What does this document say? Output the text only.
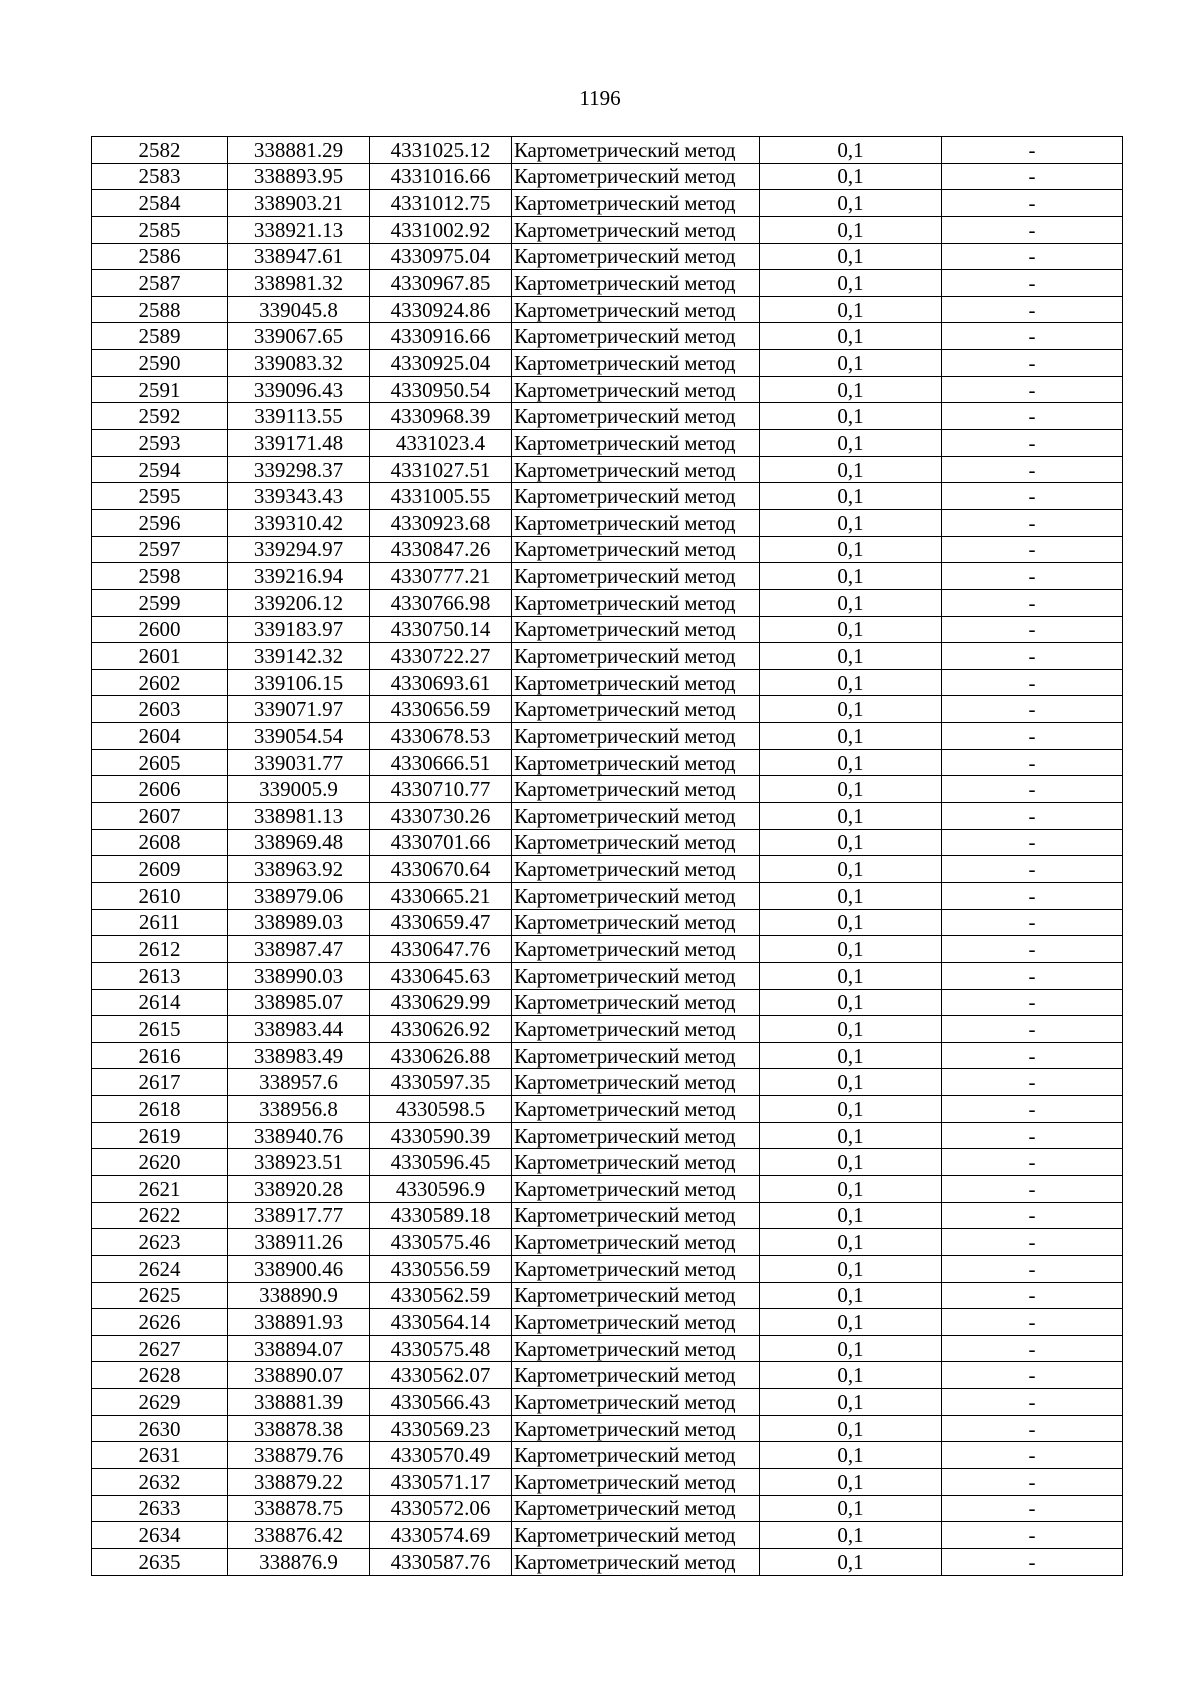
1196
2582	338881.29	4331025.12	Картометрический метод	0,1	-
2583	338893.95	4331016.66	Картометрический метод	0,1	-
2584	338903.21	4331012.75	Картометрический метод	0,1	-
2585	338921.13	4331002.92	Картометрический метод	0,1	-
2586	338947.61	4330975.04	Картометрический метод	0,1	-
2587	338981.32	4330967.85	Картометрический метод	0,1	-
2588	339045.8	4330924.86	Картометрический метод	0,1	-
2589	339067.65	4330916.66	Картометрический метод	0,1	-
2590	339083.32	4330925.04	Картометрический метод	0,1	-
2591	339096.43	4330950.54	Картометрический метод	0,1	-
2592	339113.55	4330968.39	Картометрический метод	0,1	-
2593	339171.48	4331023.4	Картометрический метод	0,1	-
2594	339298.37	4331027.51	Картометрический метод	0,1	-
2595	339343.43	4331005.55	Картометрический метод	0,1	-
2596	339310.42	4330923.68	Картометрический метод	0,1	-
2597	339294.97	4330847.26	Картометрический метод	0,1	-
2598	339216.94	4330777.21	Картометрический метод	0,1	-
2599	339206.12	4330766.98	Картометрический метод	0,1	-
2600	339183.97	4330750.14	Картометрический метод	0,1	-
2601	339142.32	4330722.27	Картометрический метод	0,1	-
2602	339106.15	4330693.61	Картометрический метод	0,1	-
2603	339071.97	4330656.59	Картометрический метод	0,1	-
2604	339054.54	4330678.53	Картометрический метод	0,1	-
2605	339031.77	4330666.51	Картометрический метод	0,1	-
2606	339005.9	4330710.77	Картометрический метод	0,1	-
2607	338981.13	4330730.26	Картометрический метод	0,1	-
2608	338969.48	4330701.66	Картометрический метод	0,1	-
2609	338963.92	4330670.64	Картометрический метод	0,1	-
2610	338979.06	4330665.21	Картометрический метод	0,1	-
2611	338989.03	4330659.47	Картометрический метод	0,1	-
2612	338987.47	4330647.76	Картометрический метод	0,1	-
2613	338990.03	4330645.63	Картометрический метод	0,1	-
2614	338985.07	4330629.99	Картометрический метод	0,1	-
2615	338983.44	4330626.92	Картометрический метод	0,1	-
2616	338983.49	4330626.88	Картометрический метод	0,1	-
2617	338957.6	4330597.35	Картометрический метод	0,1	-
2618	338956.8	4330598.5	Картометрический метод	0,1	-
2619	338940.76	4330590.39	Картометрический метод	0,1	-
2620	338923.51	4330596.45	Картометрический метод	0,1	-
2621	338920.28	4330596.9	Картометрический метод	0,1	-
2622	338917.77	4330589.18	Картометрический метод	0,1	-
2623	338911.26	4330575.46	Картометрический метод	0,1	-
2624	338900.46	4330556.59	Картометрический метод	0,1	-
2625	338890.9	4330562.59	Картометрический метод	0,1	-
2626	338891.93	4330564.14	Картометрический метод	0,1	-
2627	338894.07	4330575.48	Картометрический метод	0,1	-
2628	338890.07	4330562.07	Картометрический метод	0,1	-
2629	338881.39	4330566.43	Картометрический метод	0,1	-
2630	338878.38	4330569.23	Картометрический метод	0,1	-
2631	338879.76	4330570.49	Картометрический метод	0,1	-
2632	338879.22	4330571.17	Картометрический метод	0,1	-
2633	338878.75	4330572.06	Картометрический метод	0,1	-
2634	338876.42	4330574.69	Картометрический метод	0,1	-
2635	338876.9	4330587.76	Картометрический метод	0,1	-
